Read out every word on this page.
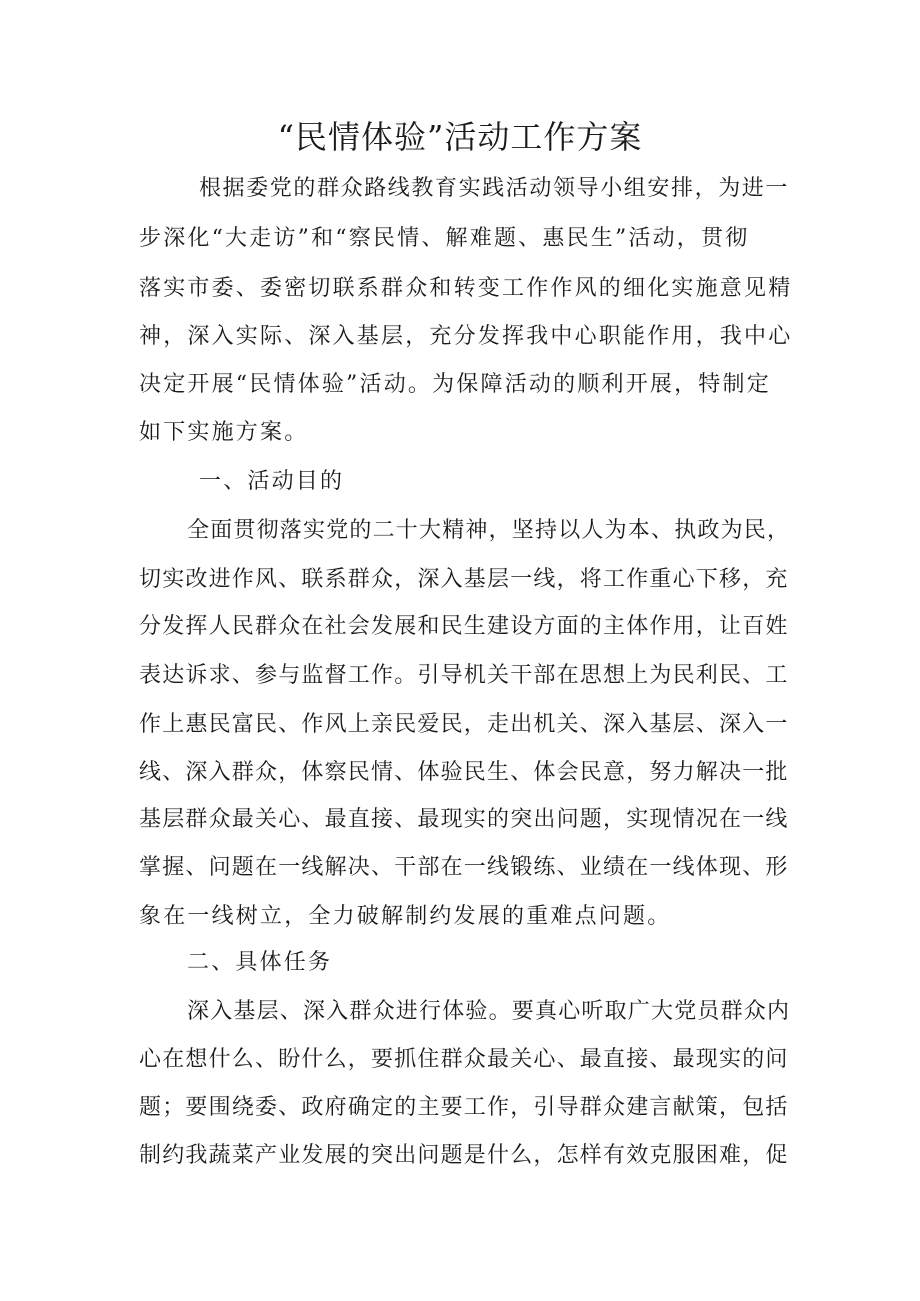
“民情体验”活动工作方案
根据委党的群众路线教育实践活动领导小组安排，为进一
步深化“大走访”和“察民情、解难题、惠民生”活动，贯彻
落实市委、委密切联系群众和转变工作作风的细化实施意见精
神，深入实际、深入基层，充分发挥我中心职能作用，我中心
决定开展“民情体验”活动。为保障活动的顺利开展，特制定
如下实施方案。
一、活动目的
全面贯彻落实党的二十大精神，坚持以人为本、执政为民，
切实改进作风、联系群众，深入基层一线，将工作重心下移，充
分发挥人民群众在社会发展和民生建设方面的主体作用，让百姓
表达诉求、参与监督工作。引导机关干部在思想上为民利民、工
作上惠民富民、作风上亲民爱民，走出机关、深入基层、深入一
线、深入群众，体察民情、体验民生、体会民意，努力解决一批
基层群众最关心、最直接、最现实的突出问题，实现情况在一线
掌握、问题在一线解决、干部在一线锻练、业绩在一线体现、形
象在一线树立，全力破解制约发展的重难点问题。
二、具体任务
深入基层、深入群众进行体验。要真心听取广大党员群众内
心在想什么、盼什么，要抓住群众最关心、最直接、最现实的问
题；要围绕委、政府确定的主要工作，引导群众建言献策，包括
制约我蔬菜产业发展的突出问题是什么，怎样有效克服困难，促
